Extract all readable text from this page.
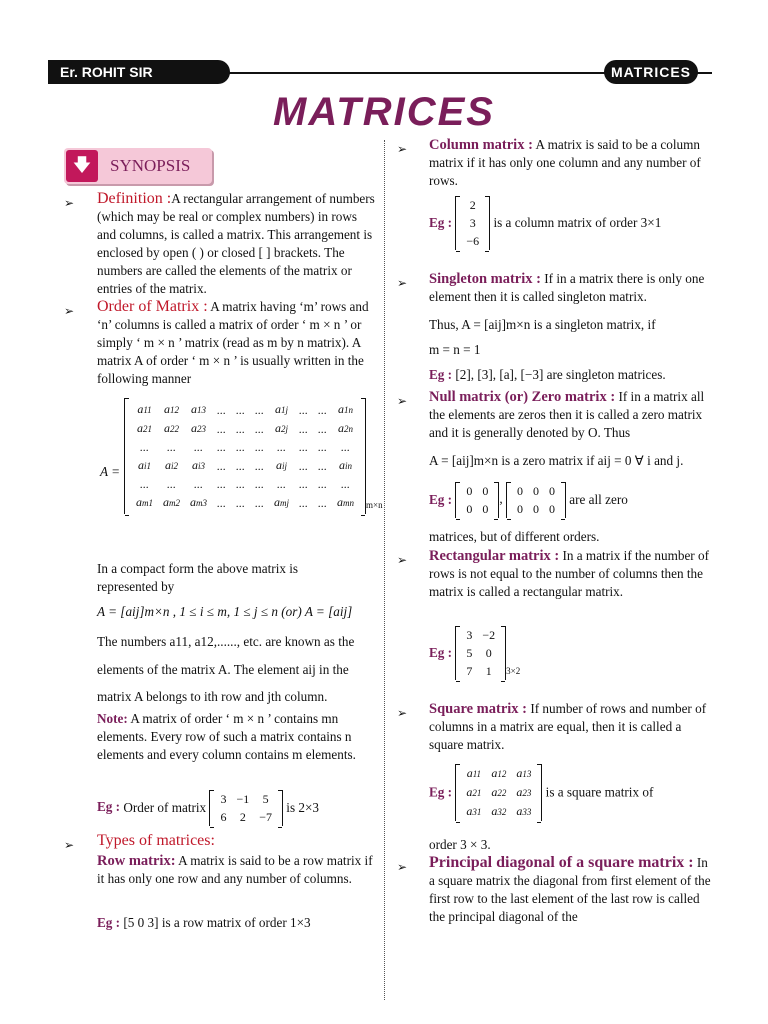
Er. ROHIT SIR	MATRICES
MATRICES
🡇	SYNOPSIS
➢ Definition :A rectangular arrangement of numbers (which may be real or complex numbers) in rows and columns, is called a matrix. This arrangement is enclosed by open ( ) or closed [ ] brackets. The numbers are called the elements of the matrix or entries of the matrix.

➢ Order of Matrix : A matrix having ‘m’ rows and ‘n’ columns is called a matrix of order ‘ m × n ’ or simply ‘ m × n ’ matrix (read as m by n matrix). A matrix A of order ‘ m × n ’ is usually written in the following manner

A =
a11	a12	a13	...	...	...	a1j	...	...	a1n
a21	a22	a23	...	...	...	a2j	...	...	a2n
...	...	...	...	...	...	...	...	...	...
ai1	ai2	ai3	...	...	...	aij	...	...	ain
...	...	...	...	...	...	...	...	...	...
am1	am2	am3	...	...	...	amj	...	...	amn m×n
In a compact form the above matrix is represented by
A = [aij]m×n , 1 ≤ i ≤ m, 1 ≤ j ≤ n (or) A = [aij]
The numbers a11, a12,......, etc. are known as the
elements of the matrix A. The element aij in the
matrix A belongs to ith row and jth column.

Note: A matrix of order ‘ m × n ’ contains mn elements. Every row of such a matrix contains n elements and every column contains m elements.

Eg : Order of matrix
3	−1	5
6	2	−7
is 2×3
➢ Types of matrices:

Row matrix: A matrix is said to be a row matrix if it has only one row and any number of columns.

Eg : [5 0 3] is a row matrix of order 1×3
➢ Column matrix : A matrix is said to be a column matrix if it has only one column and any number of rows.

Eg :
2
3
−6
is a column matrix of order 3×1
➢ Singleton matrix : If in a matrix there is only one element then it is called singleton matrix.

Thus, A = [aij]m×n is a singleton matrix, if
m = n = 1
Eg : [2], [3], [a], [−3] are singleton matrices.
➢ Null matrix (or) Zero matrix : If in a matrix all the elements are zeros then it is called a zero matrix and it is generally denoted by O. Thus

A = [aij]m×n is a zero matrix if aij = 0 ∀ i and j.
Eg :
0	0
0	0
,
0	0	0
0	0	0
are all zero
matrices, but of different orders.
➢ Rectangular matrix : In a matrix if the number of rows is not equal to the number of columns then the matrix is called a rectangular matrix.

Eg :
3	−2
5	0
7	1 3×2
➢ Square matrix : If number of rows and number of columns in a matrix are equal, then it is called a square matrix.

Eg :
a11	a12	a13
a21	a22	a23
a31	a32	a33
is a square matrix of
order 3 × 3.
➢ Principal diagonal of a square matrix : In a square matrix the diagonal from first element of the first row to the last element of the last row is called the principal diagonal of the
